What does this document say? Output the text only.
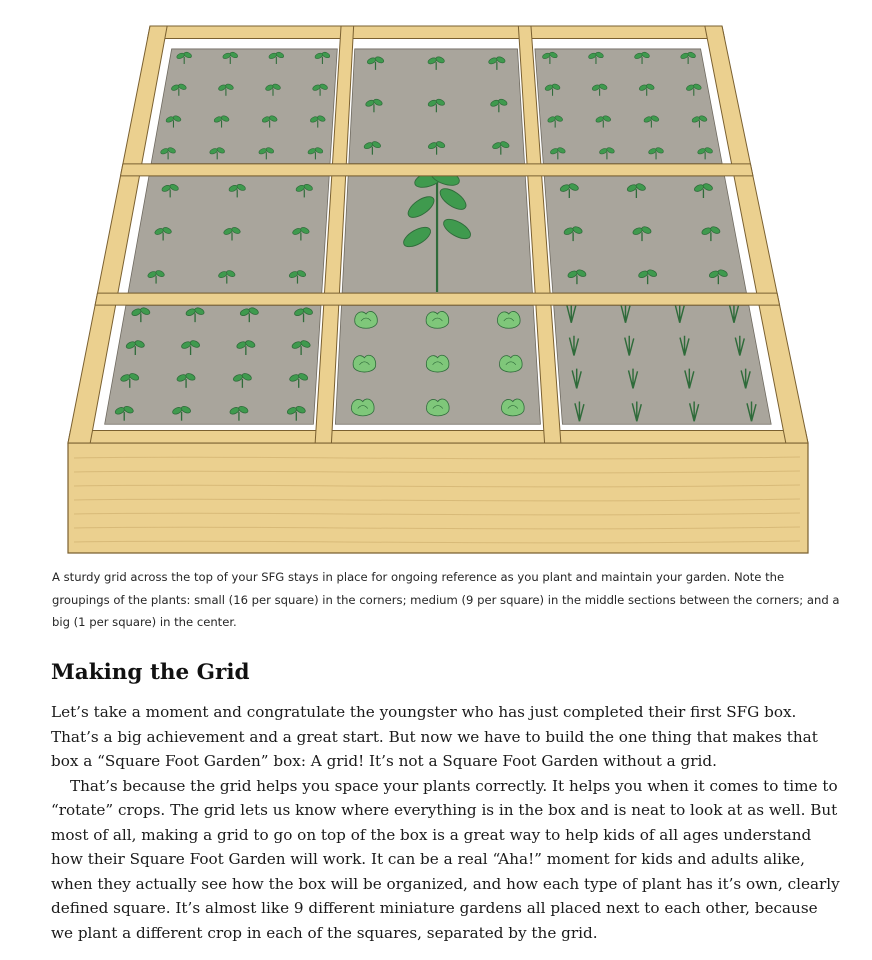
A sturdy grid across the top of your SFG stays in place for ongoing reference as you plant and maintain your garden. Note the groupings of the plants: small (16 per square) in the corners; medium (9 per square) in the middle sections between the corners; and a big (1 per square) in the center.

Making the Grid

Let’s take a moment and congratulate the youngster who has just completed their first SFG box. That’s a big achievement and a great start. But now we have to build the one thing that makes that box a “Square Foot Garden” box: A grid! It’s not a Square Foot Garden without a grid.

That’s because the grid helps you space your plants correctly. It helps you when it comes to time to “rotate” crops. The grid lets us know where everything is in the box and is neat to look at as well. But most of all, making a grid to go on top of the box is a great way to help kids of all ages understand how their Square Foot Garden will work. It can be a real “Aha!” moment for kids and adults alike, when they actually see how the box will be organized, and how each type of plant has it’s own, clearly defined square. It’s almost like 9 different miniature gardens all placed next to each other, because we plant a different crop in each of the squares, separated by the grid.
